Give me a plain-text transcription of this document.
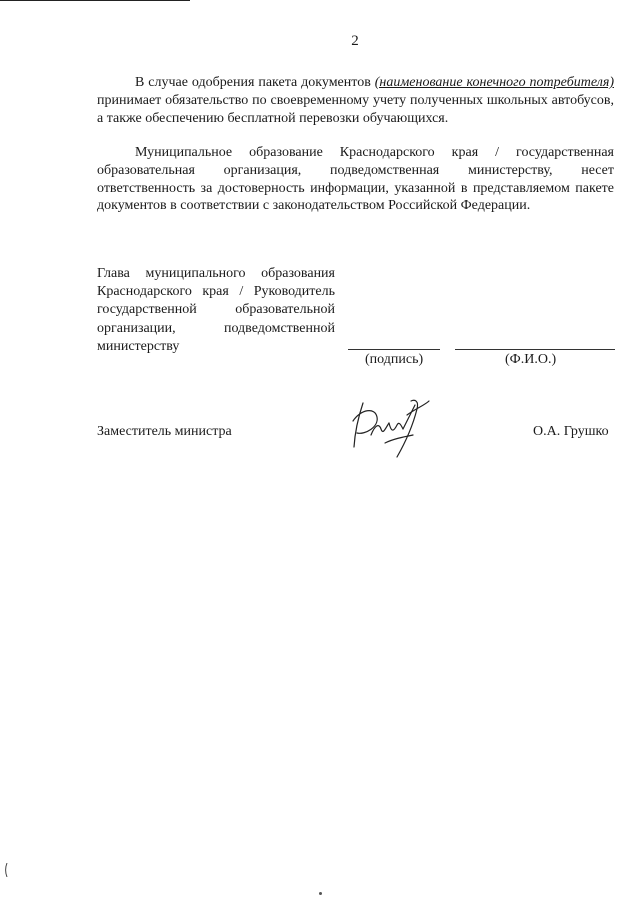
2

В случае одобрения пакета документов (наименование конечного потребителя) принимает обязательство по своевременному учету полученных школьных автобусов, а также обеспечению бесплатной перевозки обучающихся.

Муниципальное образование Краснодарского края / государственная образовательная организация, подведомственная министерству, несет ответственность за достоверность информации, указанной в представляемом пакете документов в соответствии с законодательством Российской Федерации.

Глава муниципального образования Краснодарского края / Руководитель государственной образовательной организации, подведомственной министерству

(подпись)	(Ф.И.О.)
Заместитель министра	О.А. Грушко
